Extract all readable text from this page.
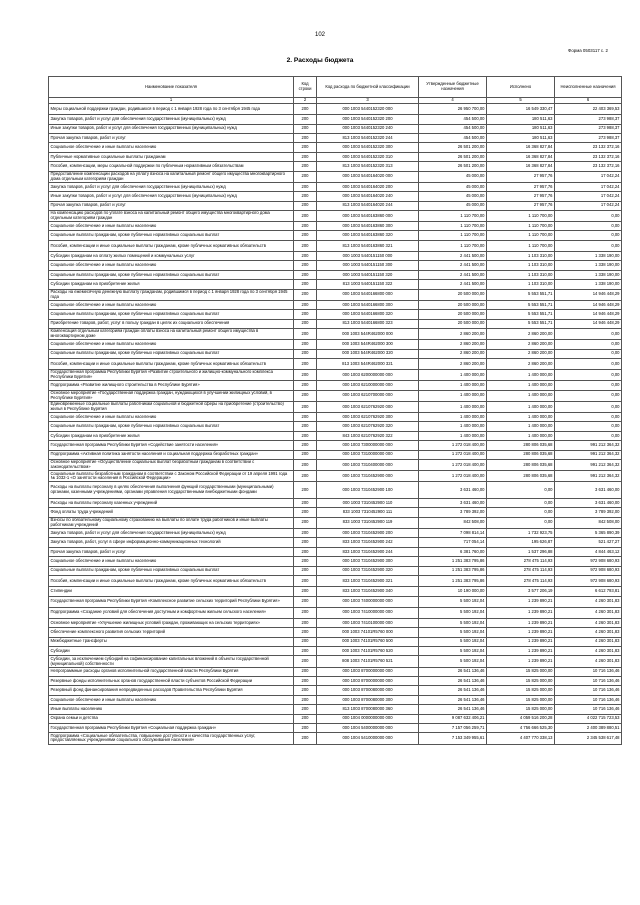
102
Форма 0503117 с. 2
2. Расходы бюджета
Наименование показателя	Код строки	Код расхода по бюджетной классификации	Утвержденные бюджетные назначения	Исполнено	Неисполненные назначения
1	2	3	4	5	6
Меры социальной поддержки граждан, родившихся в период с 1 января 1928 года по 3 сентября 1945 года	200	000 1003 5440152320 000	26 950 700,00	16 549 330,47	22 403 369,53
Закупка товаров, работ и услуг для обеспечения государственных (муниципальных) нужд	200	000 1003 5440152320 200	454 500,00	180 511,63	273 988,37
Иные закупки товаров, работ и услуг для обеспечения государственных (муниципальных) нужд	200	000 1003 5440152320 240	454 500,00	180 511,63	273 988,37
Прочая закупка товаров, работ и услуг	200	813 1003 5440152320 244	454 500,00	180 511,63	273 988,37
Социальное обеспечение и иные выплаты населению	200	000 1003 5440152320 300	26 501 200,00	16 368 827,84	23 132 372,16
Публичные нормативные социальные выплаты гражданам	200	000 1003 5440152320 310	26 501 200,00	16 368 827,84	23 132 372,16
Пособия, компенсации, меры социальной поддержки по публичным нормативным обязательствам	200	813 1003 5440152320 313	26 501 200,00	16 368 827,84	23 132 372,16
Предоставление компенсации расходов на уплату взноса на капитальный ремонт общего имущества многоквартирного дома отдельным категориям граждан	200	000 1003 5440164020 000	45 000,00	27 957,76	17 042,24
Закупка товаров, работ и услуг для обеспечения государственных (муниципальных) нужд	200	000 1003 5440164020 200	45 000,00	27 957,76	17 042,24
Иные закупки товаров, работ и услуг для обеспечения государственных (муниципальных) нужд	200	000 1003 5440164020 240	45 000,00	27 957,76	17 042,24
Прочая закупка товаров, работ и услуг	200	813 1003 5440164020 244	45 000,00	27 957,76	17 042,24
На компенсацию расходов по уплате взноса на капитальный ремонт общего имущества многоквартирного дома отдельным категориям граждан	200	000 1003 5440163860 000	1 110 700,00	1 110 700,00	0,00
Социальное обеспечение и иные выплаты населению	200	000 1003 5440163860 300	1 110 700,00	1 110 700,00	0,00
Социальные выплаты гражданам, кроме публичных нормативных социальных выплат	200	000 1003 5440163860 320	1 110 700,00	1 110 700,00	0,00
Пособия, компенсации и иные социальные выплаты гражданам, кроме публичных нормативных обязательств	200	813 1003 5440163860 321	1 110 700,00	1 110 700,00	0,00
Субсидии гражданам на оплату жилых помещений и коммунальных услуг	200	000 1003 5440151150 000	2 441 500,00	1 103 310,00	1 338 190,00
Социальное обеспечение и иные выплаты населению	200	000 1003 5440151150 300	2 441 500,00	1 103 310,00	1 338 190,00
Социальные выплаты гражданам, кроме публичных нормативных социальных выплат	200	000 1003 5440151150 320	2 441 500,00	1 103 310,00	1 338 190,00
Субсидии гражданам на приобретение жилья	200	813 1003 5440151150 322	2 441 500,00	1 103 310,00	1 338 190,00
Расходы на ежемесячную денежную выплату гражданам, родившимся в период с 1 января 1928 года по 3 сентября 1945 года	200	000 1003 5440166800 000	20 500 000,00	5 553 551,71	14 946 448,29
Социальное обеспечение и иные выплаты населению	200	000 1003 5440166800 300	20 500 000,00	5 553 551,71	14 946 448,29
Социальные выплаты гражданам, кроме публичных нормативных социальных выплат	200	000 1003 5440166800 320	20 500 000,00	5 553 551,71	14 946 448,29
Приобретение товаров, работ, услуг в пользу граждан в целях их социального обеспечения	200	813 1003 5440166800 323	20 500 000,00	5 553 551,71	14 946 448,29
Компенсация отдельным категориям граждан оплаты взноса на капитальный ремонт общего имущества в многоквартирном доме	200	000 1003 544R462000 000	2 860 200,00	2 860 200,00	0,00
Социальное обеспечение и иные выплаты населению	200	000 1003 544R462000 300	2 860 200,00	2 860 200,00	0,00
Социальные выплаты гражданам, кроме публичных нормативных социальных выплат	200	000 1003 544R462000 320	2 860 200,00	2 860 200,00	0,00
Пособия, компенсации и иные социальные выплаты гражданам, кроме публичных нормативных обязательств	200	813 1003 544R462000 321	2 860 200,00	2 860 200,00	0,00
Государственная программа Республики Бурятия «Развитие строительного и жилищно-коммунального комплекса Республики Бурятия»	200	000 1003 6200000000 000	1 400 000,00	1 400 000,00	0,00
Подпрограмма «Развитие жилищного строительства в Республике Бурятия»	200	000 1003 6210000000 000	1 400 000,00	1 400 000,00	0,00
Основное мероприятие «Государственная поддержка граждан, нуждающихся в улучшении жилищных условий, в Республике Бурятия»	200	000 1003 6210700000 000	1 400 000,00	1 400 000,00	0,00
Единовременные социальные выплаты работникам социальной и бюджетной сферы на приобретение (строительство) жилья в Республике Бурятия	200	000 1003 6210762920 000	1 400 000,00	1 400 000,00	0,00
Социальное обеспечение и иные выплаты населению	200	000 1003 6210762920 300	1 400 000,00	1 400 000,00	0,00
Социальные выплаты гражданам, кроме публичных нормативных социальных выплат	200	000 1003 6210762920 320	1 400 000,00	1 400 000,00	0,00
Субсидии гражданам на приобретение жилья	200	843 1003 6210762920 322	1 400 000,00	1 400 000,00	0,00
Государственная программа Республики Бурятия «Содействие занятости населения»	200	000 1003 7300000000 000	1 272 018 400,00	280 806 035,68	991 212 364,32
Подпрограмма «Активная политика занятости населения и социальная поддержка безработных граждан»	200	000 1003 7310000000 000	1 272 018 400,00	280 806 035,68	991 212 364,32
Основное мероприятие «Осуществление социальных выплат безработным гражданам в соответствии с законодательством»	200	000 1003 7310400000 000	1 272 018 400,00	280 806 035,68	991 212 364,32
Социальные выплаты безработным гражданам в соответствии с Законом Российской Федерации от 19 апреля 1991 года № 1032-1 «О занятости населения в Российской Федерации»	200	000 1003 7310452900 000	1 272 018 400,00	280 806 035,68	991 212 364,32
Расходы на выплаты персоналу в целях обеспечения выполнения функций государственными (муниципальными) органами, казенными учреждениями, органами управления государственными внебюджетными фондами	200	000 1003 7310452900 100	3 631 460,00	0,00	3 631 460,00
Расходы на выплаты персоналу казенных учреждений	200	000 1003 7310452900 110	3 631 460,00	0,00	3 631 460,00
Фонд оплаты труда учреждений	200	833 1003 7310452900 111	3 789 392,00	0,00	3 789 392,00
Взносы по обязательному социальному страхованию на выплаты по оплате труда работников и иные выплаты работникам учреждений	200	833 1003 7310452900 119	842 508,00	0,00	842 508,00
Закупка товаров, работ и услуг для обеспечения государственных (муниципальных) нужд	200	000 1003 7310452900 200	7 098 814,14	1 732 923,75	5 365 890,39
Закупка товаров, работ, услуг в сфере информационно-коммуникационных технологий	200	833 1003 7310452900 242	717 054,14	195 626,87	521 427,27
Прочая закупка товаров, работ и услуг	200	833 1003 7310452900 244	6 381 760,00	1 537 296,88	4 844 463,12
Социальное обеспечение и иные выплаты населению	200	000 1003 7310452900 300	1 251 383 795,86	278 475 114,93	972 908 680,93
Социальные выплаты гражданам, кроме публичных нормативных социальных выплат	200	000 1003 7310452900 320	1 251 383 795,86	278 475 114,93	972 908 680,93
Пособия, компенсации и иные социальные выплаты гражданам, кроме публичных нормативных обязательств	200	833 1003 7310452900 321	1 251 383 795,86	278 475 114,93	972 908 680,93
Стипендии	200	833 1003 7310452900 340	10 190 000,00	3 577 206,19	6 612 793,81
Государственная программа Республики Бурятия «Комплексное развитие сельских территорий Республики Бурятия»	200	000 1003 7400000000 000	5 500 192,04	1 239 890,21	4 260 301,83
Подпрограмма «Создание условий для обеспечения доступным и комфортным жильем сельского населения»	200	000 1003 7410000000 000	5 500 192,04	1 239 890,21	4 260 301,83
Основное мероприятие «Улучшение жилищных условий граждан, проживающих на сельских территориях»	200	000 1003 7410100000 000	5 500 192,04	1 239 890,21	4 260 301,83
Обеспечение комплексного развития сельских территорий	200	000 1003 74101R5760 000	5 500 192,04	1 239 890,21	4 260 301,83
Межбюджетные трансферты	200	000 1003 74101R5760 500	5 500 192,04	1 239 890,21	4 260 301,83
Субсидии	200	000 1003 74101R5760 520	5 500 192,04	1 239 890,21	4 260 301,83
Субсидии, за исключением субсидий на софинансирование капитальных вложений в объекты государственной (муниципальной) собственности	200	808 1003 74101R5760 521	5 500 192,04	1 239 890,21	4 260 301,83
Непрограммные расходы органов исполнительной государственной власти Республики Бурятия	200	000 1003 8700000000 000	26 541 136,46	15 825 000,00	10 716 136,46
Резервные фонды исполнительных органов государственной власти субъектов Российской Федерации	200	000 1003 8700000000 000	26 541 136,46	15 825 000,00	10 716 136,46
Резервный фонд финансирования непредвиденных расходов Правительства Республики Бурятия	200	000 1003 8700080000 000	26 541 136,46	15 825 000,00	10 716 136,46
Социальное обеспечение и иные выплаты населению	200	000 1003 8700080000 300	26 541 136,46	15 825 000,00	10 716 136,46
Иные выплаты населению	200	813 1003 8700080000 360	26 541 136,46	15 825 000,00	10 716 136,46
Охрана семьи и детства	200	000 1004 0000000000 000	9 087 632 406,21	4 059 516 200,28	4 022 715 723,53
Государственная программа Республики Бурятия «Социальная поддержка граждан»	200	000 1004 5400000000 000	7 157 056 259,71	4 756 666 525,30	2 400 389 880,51
Подпрограмма «Социальные обязательства, повышение доступности и качества государственных услуг, предоставляемых учреждениями социального обслуживания населения»	200	000 1004 5410000000 000	7 153 349 955,61	4 407 770 338,13	2 345 538 617,48
